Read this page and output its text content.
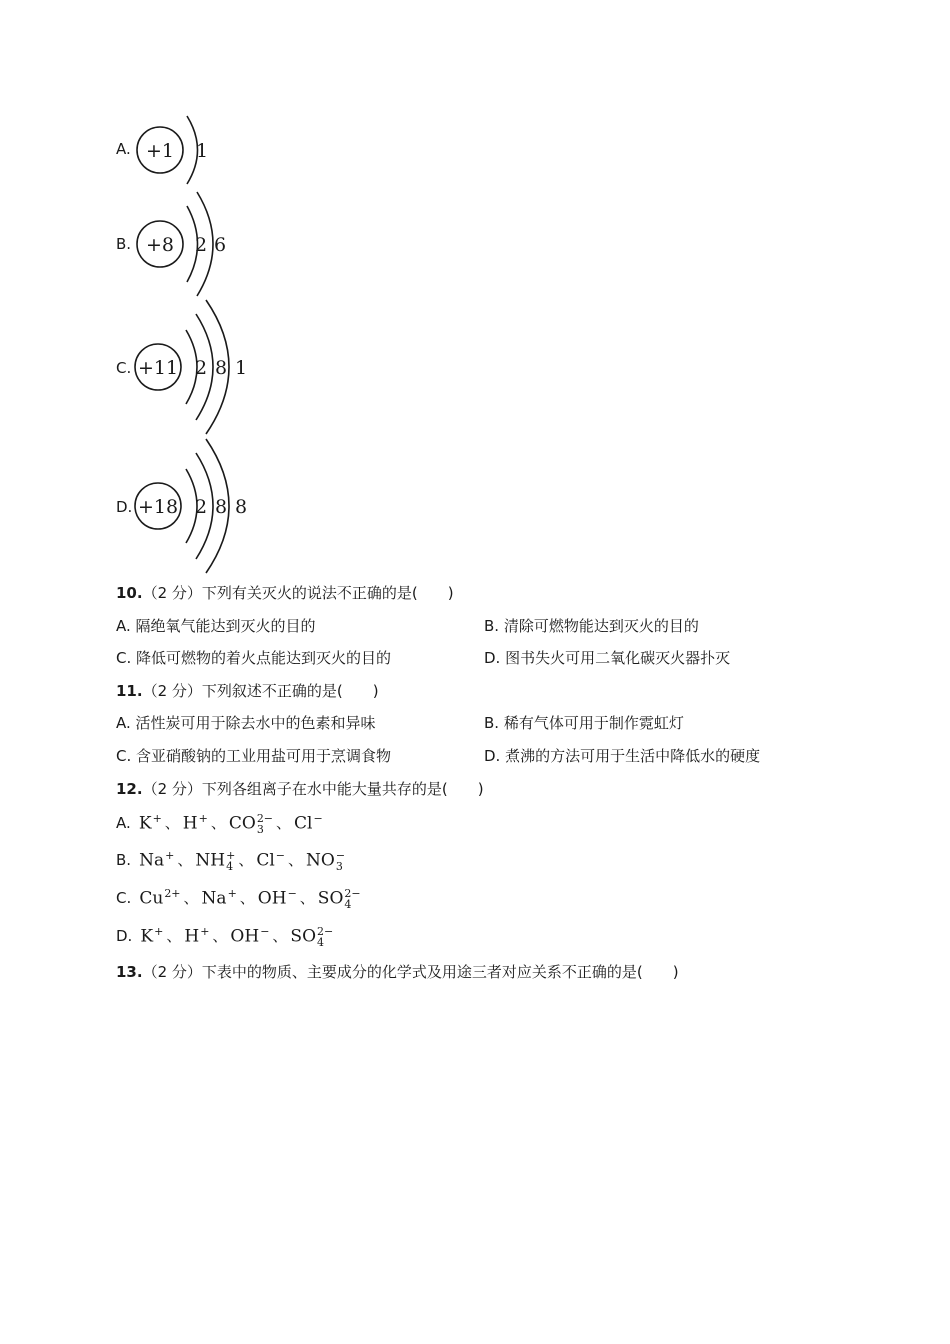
A. +1 1
B. +8 2 6
C. +11 2 8 1
D. +18 2 8 8
10.（2 分）下列有关灭火的说法不正确的是(　　)
A. 隔绝氧气能达到灭火的目的	B. 清除可燃物能达到灭火的目的
C. 降低可燃物的着火点能达到灭火的目的	D. 图书失火可用二氧化碳灭火器扑灭
11.（2 分）下列叙述不正确的是(　　)
A. 活性炭可用于除去水中的色素和异味	B. 稀有气体可用于制作霓虹灯
C. 含亚硝酸钠的工业用盐可用于烹调食物	D. 煮沸的方法可用于生活中降低水的硬度
12.（2 分）下列各组离子在水中能大量共存的是(　　)
A. K +
、 H +
、 CO 2−
3 、 Cl −

B. Na +
、 NH +
4 、 Cl −
、 NO −
3
C. Cu 2+
、 Na +
、 OH −
、 SO 2−
4
D. K +
、 H +
、 OH −
、 SO 2−
4
13.（2 分）下表中的物质、主要成分的化学式及用途三者对应关系不正确的是(　　)
